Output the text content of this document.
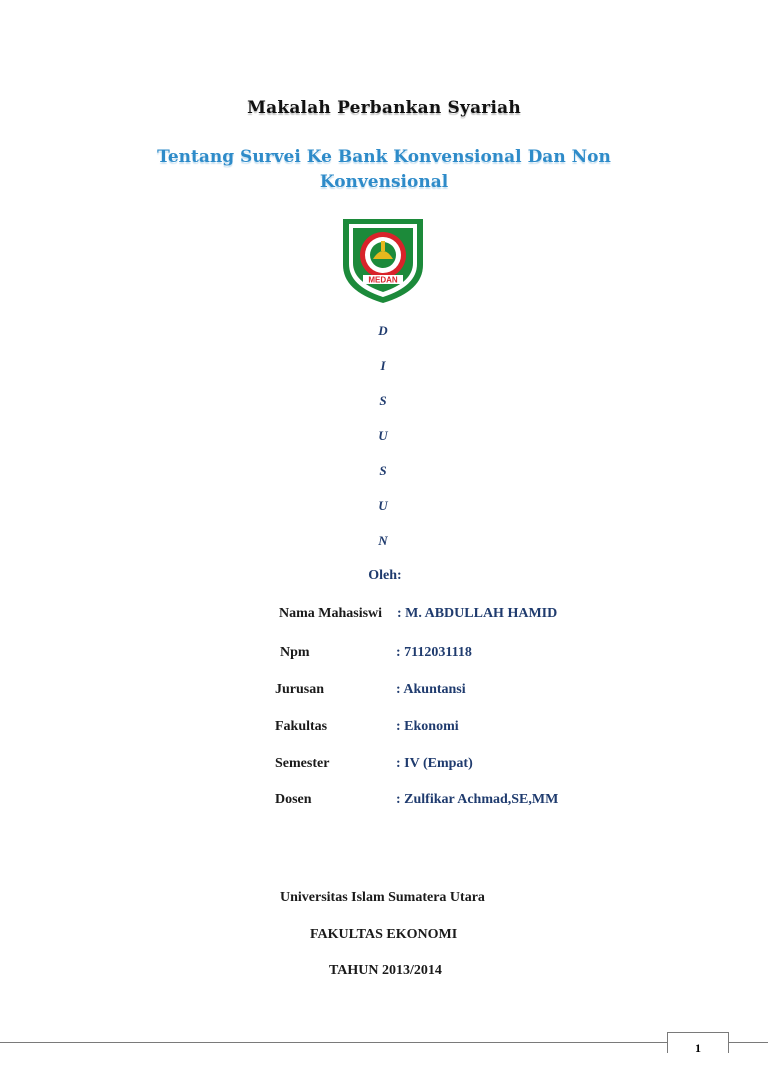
Makalah Perbankan Syariah
Tentang Survei Ke Bank Konvensional Dan Non
Konvensional
MEDAN
D
I
S
U
S
U
N
Oleh:
Nama Mahasiswi : M. ABDULLAH HAMID
Npm	: 7112031118
Jurusan	: Akuntansi
Fakultas	: Ekonomi
Semester	: IV (Empat)
Dosen	: Zulfikar Achmad,SE,MM
Universitas Islam Sumatera Utara
FAKULTAS EKONOMI
TAHUN 2013/2014
1
